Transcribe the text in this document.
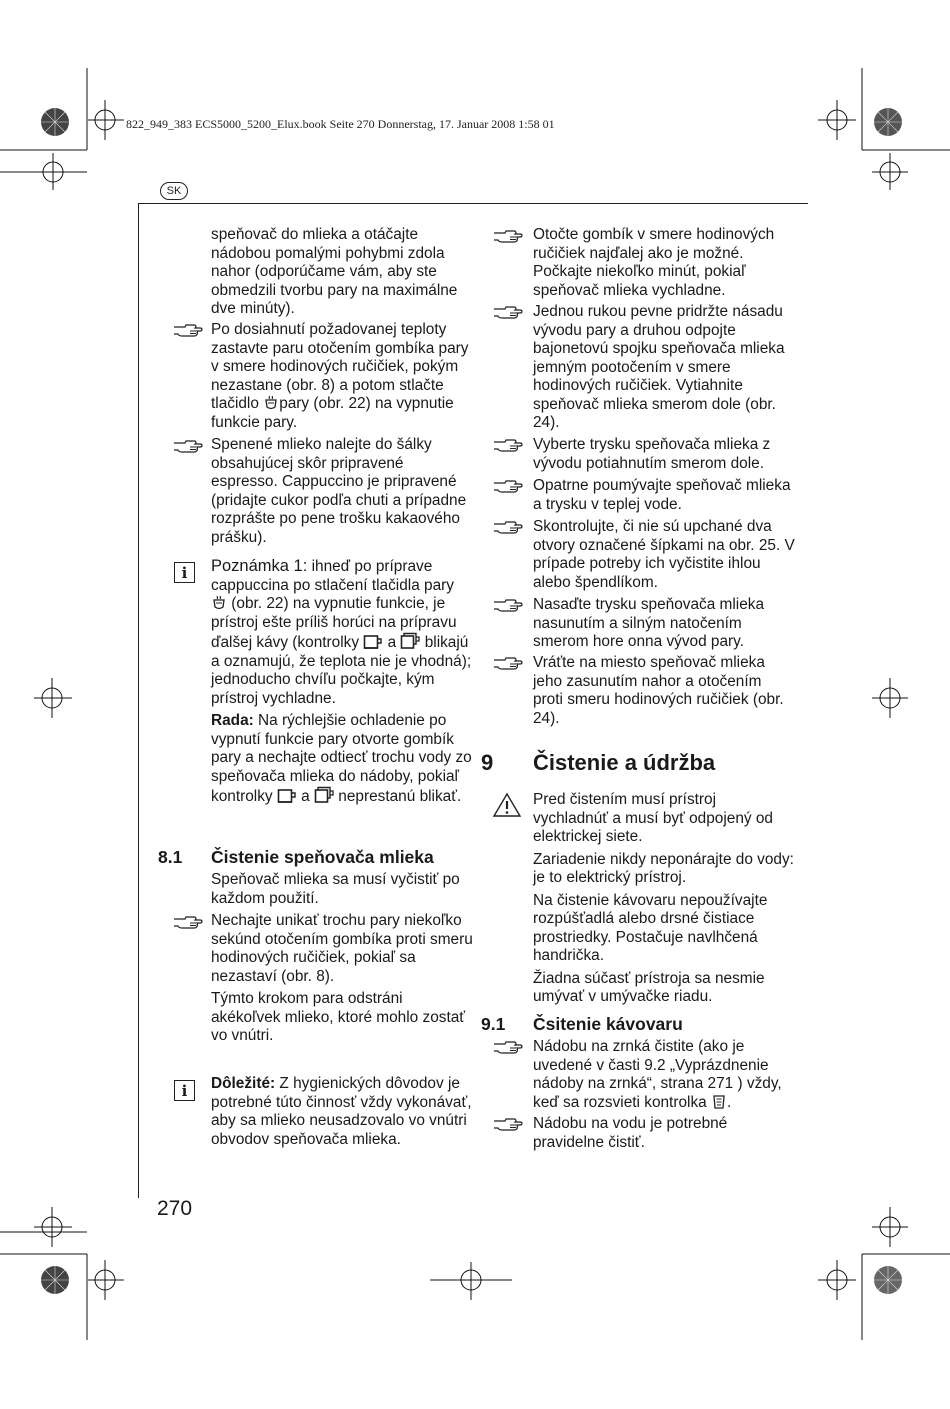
822_949_383 ECS5000_5200_Elux.book Seite 270 Donnerstag, 17. Januar 2008 1:58 01
SK

speňovač do mlieka a otáčajte nádobou pomalými pohybmi zdola nahor (odporúčame vám, aby ste obmedzili tvorbu pary na maximálne dve minúty).

Po dosiahnutí požadovanej teploty zastavte paru otočením gombíka pary v smere hodinových ručičiek, pokým nezastane (obr. 8) a potom stlačte tlačidlo pary (obr. 22) na vypnutie funkcie pary.

Spenené mlieko nalejte do šálky obsahujúcej skôr pripravené espresso. Cappuccino je pripravené (pridajte cukor podľa chuti a prípadne rozprášte po pene trošku kakaového prášku).

i	Poznámka 1: ihneď po príprave cappuccina po stlačení tlačidla pary  (obr. 22) na vypnutie funkcie, je prístroj ešte príliš horúci na prípravu ďalšej kávy (kontrolky  a  blikajú a oznamujú, že teplota nie je vhodná); jednoducho chvíľu počkajte, kým prístroj vychladne.

Rada: Na rýchlejšie ochladenie po vypnutí funkcie pary otvorte gombík pary a nechajte odtiecť trochu vody zo speňovača mlieka do nádoby, pokiaľ kontrolky  a  neprestanú blikať.

8.1 Čistenie speňovača mlieka

Speňovač mlieka sa musí vyčistiť po každom použití.

Nechajte unikať trochu pary niekoľko sekúnd otočením gombíka proti smeru hodinových ručičiek, pokiaľ sa nezastaví (obr. 8).

Týmto krokom para odstráni akékoľvek mlieko, ktoré mohlo zostať vo vnútri.

i	Dôležité: Z hygienických dôvodov je potrebné túto činnosť vždy vykonávať, aby sa mlieko neusadzovalo vo vnútri obvodov speňovača mlieka.

Otočte gombík v smere hodinových ručičiek najďalej ako je možné. Počkajte niekoľko minút, pokiaľ speňovač mlieka vychladne.

Jednou rukou pevne pridržte násadu vývodu pary a druhou odpojte bajonetovú spojku speňovača mlieka jemným pootočením v smere hodinových ručičiek. Vytiahnite speňovač mlieka smerom dole (obr. 24).

Vyberte trysku speňovača mlieka z vývodu potiahnutím smerom dole.

Opatrne poumývajte speňovač mlieka a trysku v teplej vode.

Skontrolujte, či nie sú upchané dva otvory označené šípkami na obr. 25. V prípade potreby ich vyčistite ihlou alebo špendlíkom.

Nasaďte trysku speňovača mlieka nasunutím a silným natočením smerom hore onna vývod pary.

Vráťte na miesto speňovač mlieka jeho zasunutím nahor a otočením proti smeru hodinových ručičiek (obr. 24).

9 Čistenie a údržba

Pred čistením musí prístroj vychladnúť a musí byť odpojený od elektrickej siete.

Zariadenie nikdy neponárajte do vody: je to elektrický prístroj.

Na čistenie kávovaru nepoužívajte rozpúšťadlá alebo drsné čistiace prostriedky. Postačuje navlhčená handrička.

Žiadna súčasť prístroja sa nesmie umývať v umývačke riadu.

9.1 Čsitenie kávovaru

Nádobu na zrnká čistite (ako je uvedené v časti 9.2 „Vyprázdnenie nádoby na zrnká“, strana 271 ) vždy, keď sa rozsvieti kontrolka .

Nádobu na vodu je potrebné pravidelne čistiť.

270
